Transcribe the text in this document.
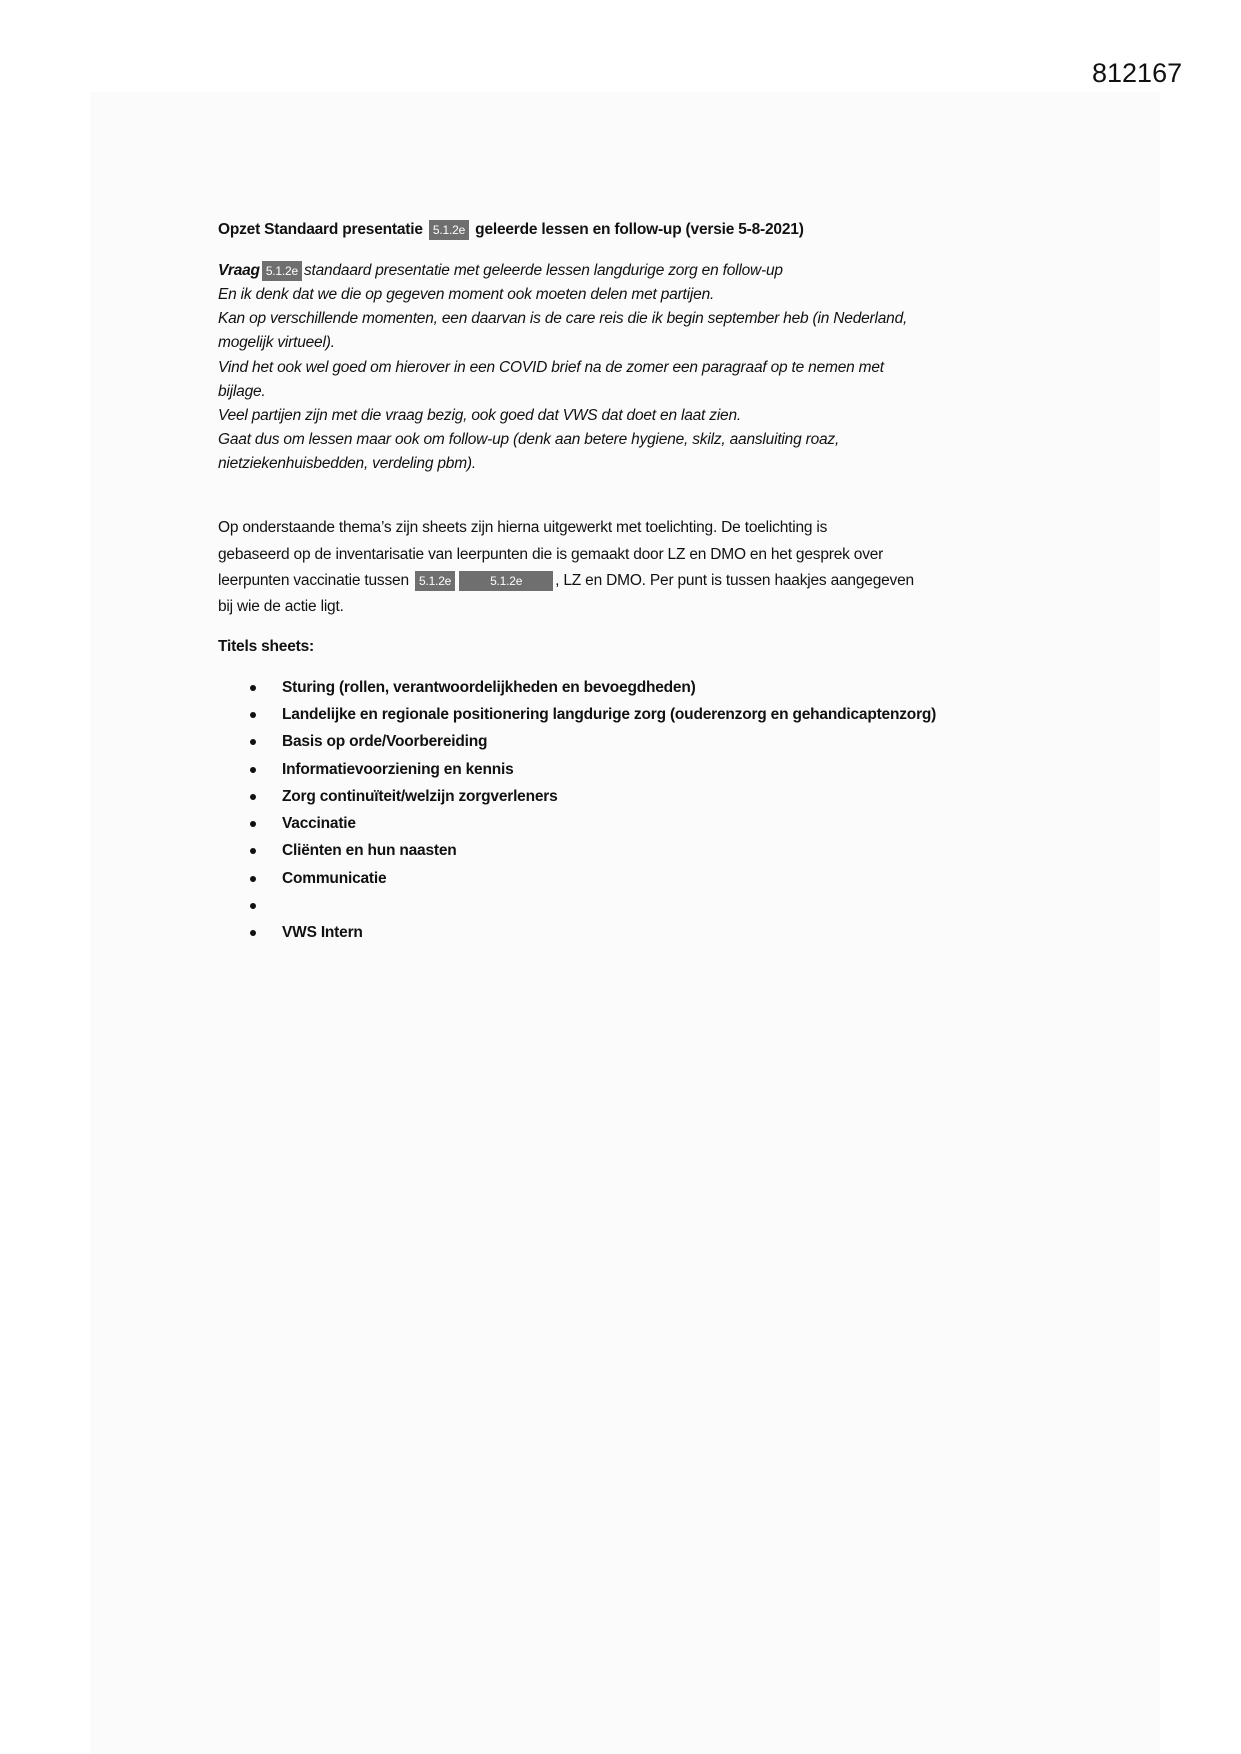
812167
Opzet Standaard presentatie 5.1.2e geleerde lessen en follow-up (versie 5-8-2021)
Vraag 5.1.2e standaard presentatie met geleerde lessen langdurige zorg en follow-up
En ik denk dat we die op gegeven moment ook moeten delen met partijen.
Kan op verschillende momenten, een daarvan is de care reis die ik begin september heb (in Nederland,
mogelijk virtueel).
Vind het ook wel goed om hierover in een COVID brief na de zomer een paragraaf op te nemen met
bijlage.
Veel partijen zijn met die vraag bezig, ook goed dat VWS dat doet en laat zien.
Gaat dus om lessen maar ook om follow-up (denk aan betere hygiene, skilz, aansluiting roaz,
nietziekenhuisbedden, verdeling pbm).
Op onderstaande thema’s zijn sheets zijn hierna uitgewerkt met toelichting. De toelichting is
gebaseerd op de inventarisatie van leerpunten die is gemaakt door LZ en DMO en het gesprek over
leerpunten vaccinatie tussen 5.1.2e	5.1.2e , LZ en DMO. Per punt is tussen haakjes aangegeven
bij wie de actie ligt.
Titels sheets:
Sturing (rollen, verantwoordelijkheden en bevoegdheden)
Landelijke en regionale positionering langdurige zorg (ouderenzorg en gehandicaptenzorg)
Basis op orde/Voorbereiding
Informatievoorziening en kennis
Zorg continuïteit/welzijn zorgverleners
Vaccinatie
Cliënten en hun naasten
Communicatie
VWS Intern
